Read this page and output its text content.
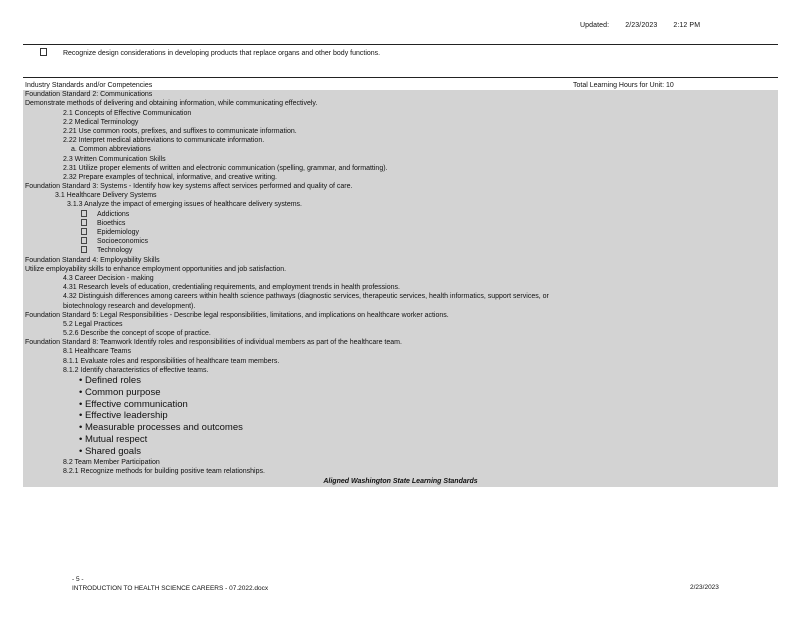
Updated: 2/23/2023 2:12 PM
Recognize design considerations in developing products that replace organs and other body functions.
Industry Standards and/or Competencies	Total Learning Hours for Unit: 10
Foundation Standard 2: Communications
Demonstrate methods of delivering and obtaining information, while communicating effectively.
2.1 Concepts of Effective Communication
2.2 Medical Terminology
2.21 Use common roots, prefixes, and suffixes to communicate information.
2.22 Interpret medical abbreviations to communicate information.
a. Common abbreviations
2.3 Written Communication Skills
2.31 Utilize proper elements of written and electronic communication (spelling, grammar, and formatting).
2.32 Prepare examples of technical, informative, and creative writing.
Foundation Standard 3: Systems - Identify how key systems affect services performed and quality of care.
3.1 Healthcare Delivery Systems
3.1.3 Analyze the impact of emerging issues of healthcare delivery systems.
Addictions
Bioethics
Epidemiology
Socioeconomics
Technology
Foundation Standard 4: Employability Skills
Utilize employability skills to enhance employment opportunities and job satisfaction.
4.3 Career Decision - making
4.31 Research levels of education, credentialing requirements, and employment trends in health professions.
4.32 Distinguish differences among careers within health science pathways (diagnostic services, therapeutic services, health informatics, support services, or
biotechnology research and development).
Foundation Standard 5: Legal Responsibilities - Describe legal responsibilities, limitations, and implications on healthcare worker actions.
5.2 Legal Practices
5.2.6 Describe the concept of scope of practice.
Foundation Standard 8: Teamwork Identify roles and responsibilities of individual members as part of the healthcare team.
8.1 Healthcare Teams
8.1.1 Evaluate roles and responsibilities of healthcare team members.
8.1.2 Identify characteristics of effective teams.
• Defined roles
• Common purpose
• Effective communication
• Effective leadership
• Measurable processes and outcomes
• Mutual respect
• Shared goals
8.2 Team Member Participation
8.2.1 Recognize methods for building positive team relationships.
Aligned Washington State Learning Standards
- 5 -
INTRODUCTION TO HEALTH SCIENCE CAREERS - 07.2022.docx	2/23/2023
